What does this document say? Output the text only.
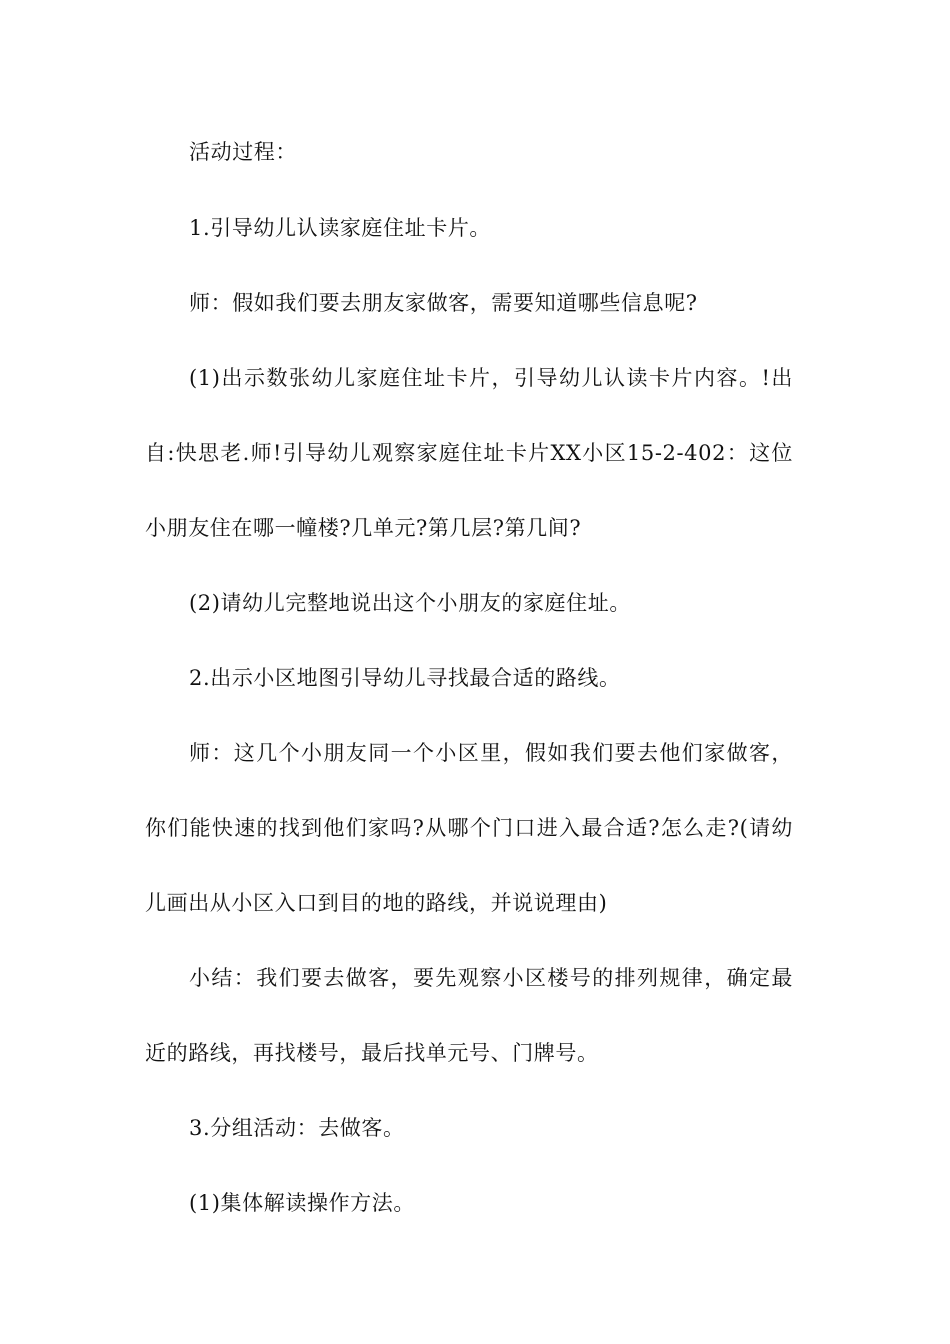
活动过程：

1.引导幼儿认读家庭住址卡片。

师：假如我们要去朋友家做客，需要知道哪些信息呢?

(1)出示数张幼儿家庭住址卡片，引导幼儿认读卡片内容。!出

自:快思老.师!引导幼儿观察家庭住址卡片XX小区15-2-402：这位

小朋友住在哪一幢楼?几单元?第几层?第几间?

(2)请幼儿完整地说出这个小朋友的家庭住址。

2.出示小区地图引导幼儿寻找最合适的路线。

师：这几个小朋友同一个小区里，假如我们要去他们家做客，

你们能快速的找到他们家吗?从哪个门口进入最合适?怎么走?(请幼

儿画出从小区入口到目的地的路线，并说说理由)

小结：我们要去做客，要先观察小区楼号的排列规律，确定最

近的路线，再找楼号，最后找单元号、门牌号。

3.分组活动：去做客。

(1)集体解读操作方法。
